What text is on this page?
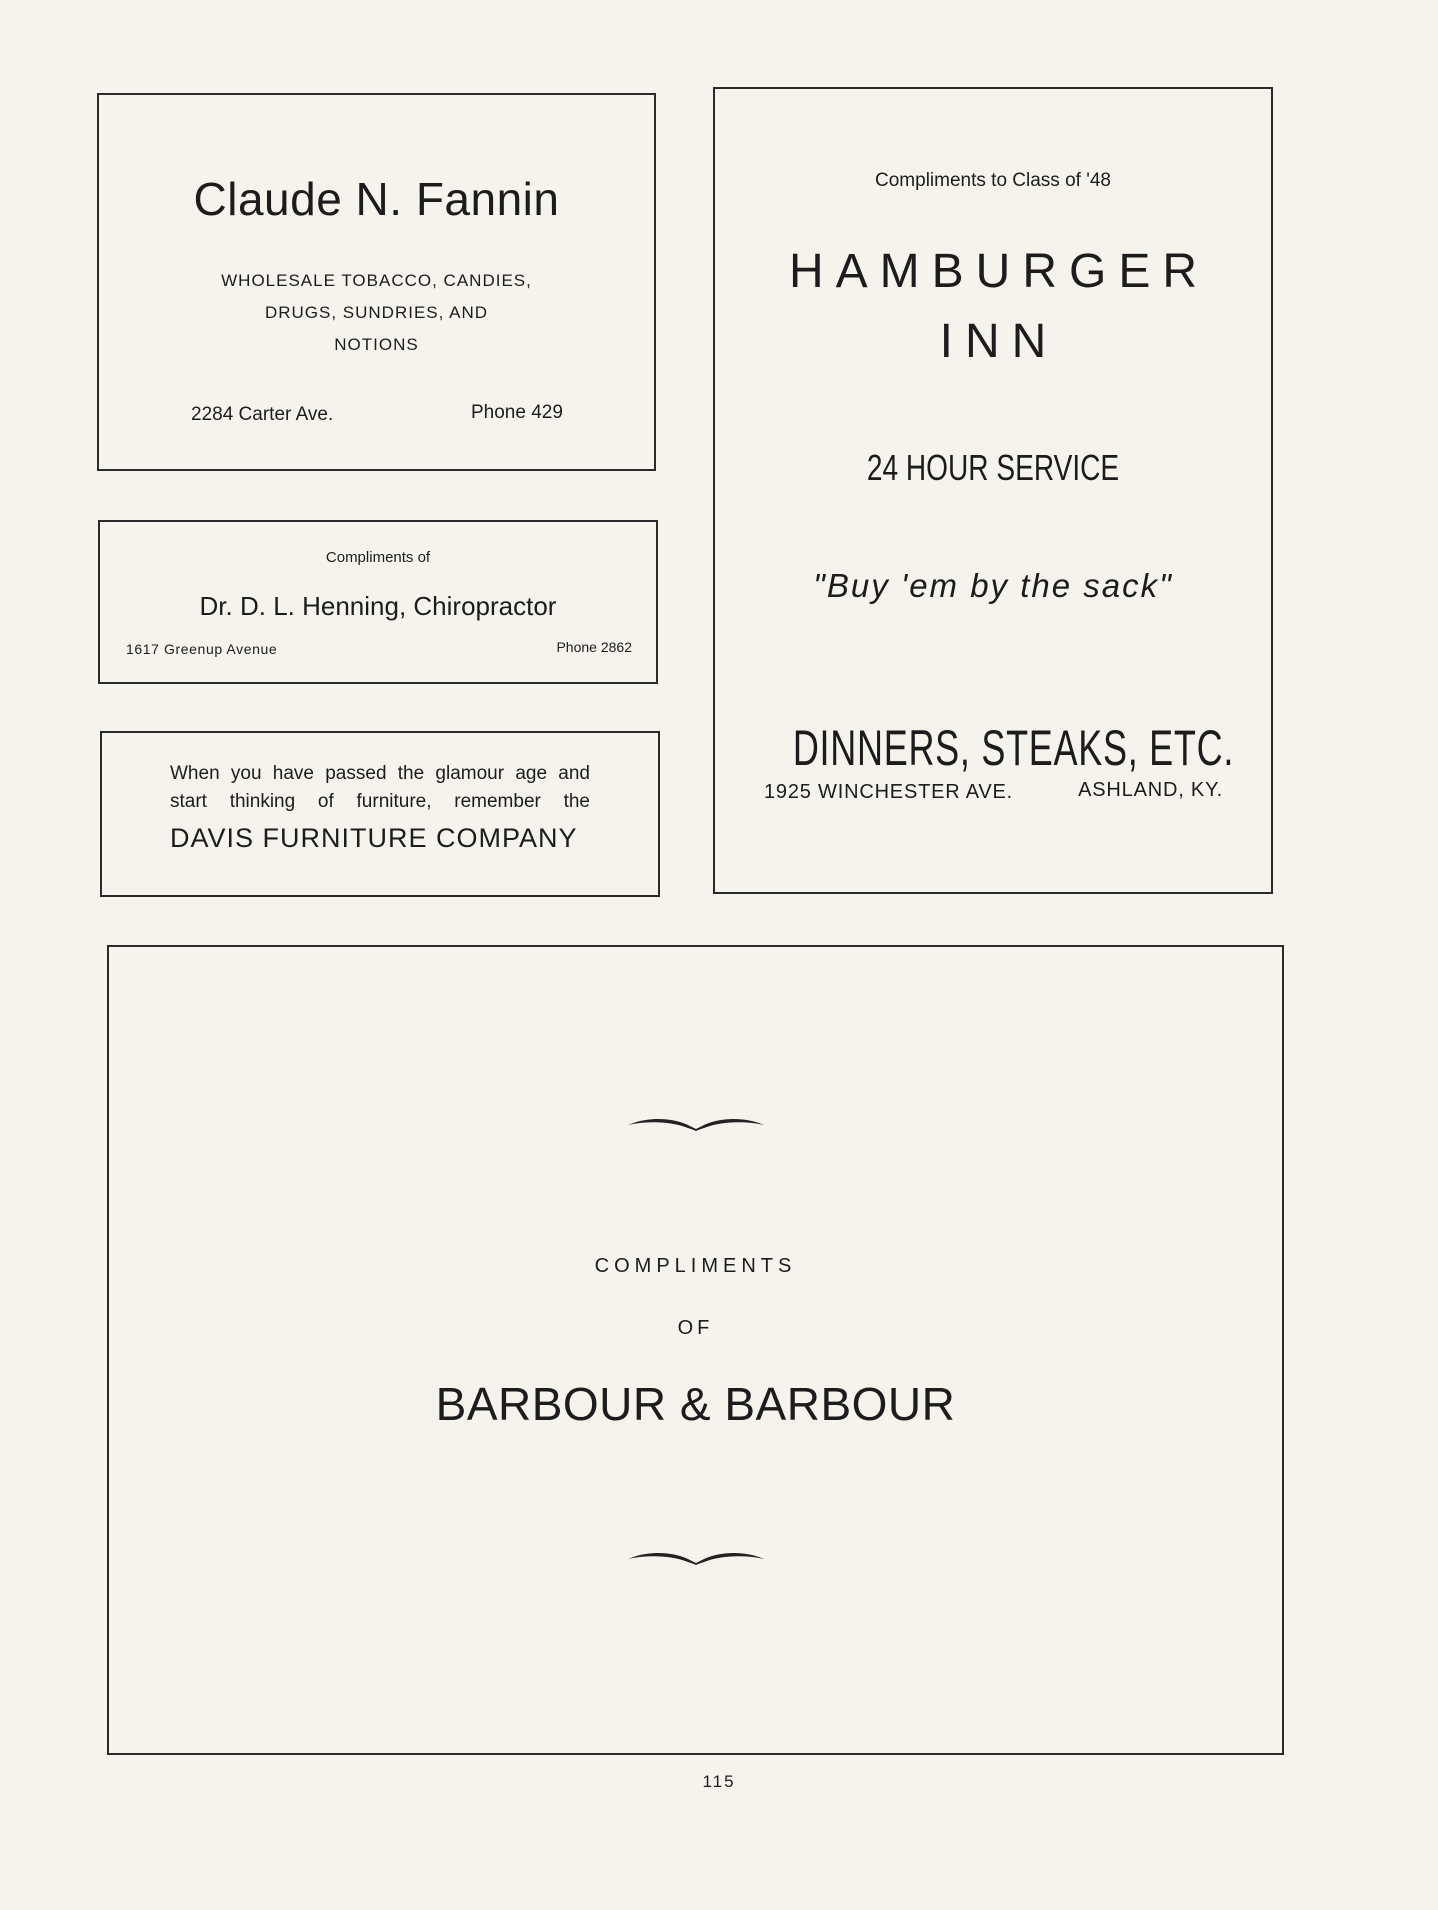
Claude N. Fannin
WHOLESALE TOBACCO, CANDIES,
DRUGS, SUNDRIES, AND
NOTIONS
2284 Carter Ave.	Phone 429
Compliments of
Dr. D. L. Henning, Chiropractor
1617 Greenup Avenue	Phone 2862
When you have passed the glamour age and start thinking of furniture, remember the
DAVIS FURNITURE COMPANY
Compliments to Class of '48
HAMBURGER
INN
24 HOUR SERVICE
"Buy 'em by the sack"
DINNERS, STEAKS, ETC.
1925 WINCHESTER AVE.	ASHLAND, KY.
COMPLIMENTS
OF
BARBOUR & BARBOUR
115
